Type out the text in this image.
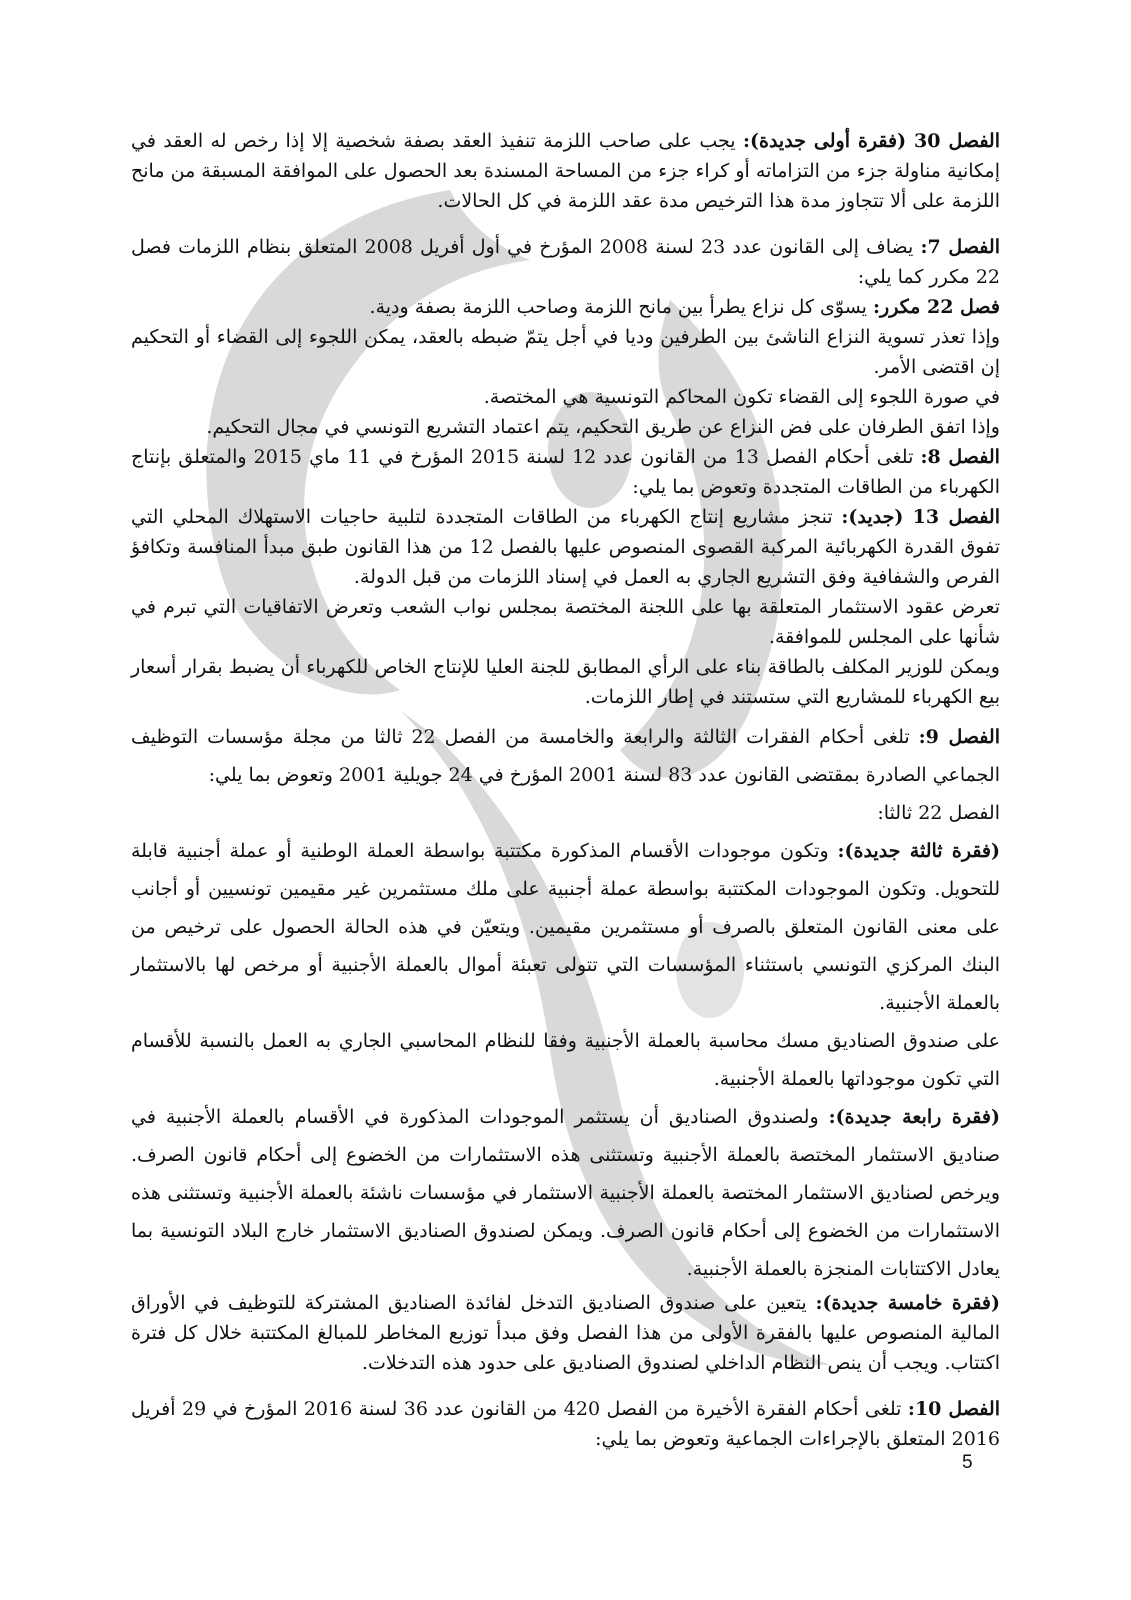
الفصل 30 (فقرة أولى جديدة): يجب على صاحب اللزمة تنفيذ العقد بصفة شخصية إلا إذا رخص له العقد في إمكانية مناولة جزء من التزاماته أو كراء جزء من المساحة المسندة بعد الحصول على الموافقة المسبقة من مانح اللزمة على ألا تتجاوز مدة هذا الترخيص مدة عقد اللزمة في كل الحالات.

الفصل 7: يضاف إلى القانون عدد 23 لسنة 2008 المؤرخ في أول أفريل 2008 المتعلق بنظام اللزمات فصل 22 مكرر كما يلي:

فصل 22 مكرر: يسوّى كل نزاع يطرأ بين مانح اللزمة وصاحب اللزمة بصفة ودية.

وإذا تعذر تسوية النزاع الناشئ بين الطرفين وديا في أجل يتمّ ضبطه بالعقد، يمكن اللجوء إلى القضاء أو التحكيم إن اقتضى الأمر.

في صورة اللجوء إلى القضاء تكون المحاكم التونسية هي المختصة.

وإذا اتفق الطرفان على فض النزاع عن طريق التحكيم، يتم اعتماد التشريع التونسي في مجال التحكيم.

الفصل 8: تلغى أحكام الفصل 13 من القانون عدد 12 لسنة 2015 المؤرخ في 11 ماي 2015 والمتعلق بإنتاج الكهرباء من الطاقات المتجددة وتعوض بما يلي:

الفصل 13 (جديد): تنجز مشاريع إنتاج الكهرباء من الطاقات المتجددة لتلبية حاجيات الاستهلاك المحلي التي تفوق القدرة الكهربائية المركبة القصوى المنصوص عليها بالفصل 12 من هذا القانون طبق مبدأ المنافسة وتكافؤ الفرص والشفافية وفق التشريع الجاري به العمل في إسناد اللزمات من قبل الدولة.

تعرض عقود الاستثمار المتعلقة بها على اللجنة المختصة بمجلس نواب الشعب وتعرض الاتفاقيات التي تبرم في شأنها على المجلس للموافقة.

ويمكن للوزير المكلف بالطاقة بناء على الرأي المطابق للجنة العليا للإنتاج الخاص للكهرباء أن يضبط بقرار أسعار بيع الكهرباء للمشاريع التي ستستند في إطار اللزمات.

الفصل 9: تلغى أحكام الفقرات الثالثة والرابعة والخامسة من الفصل 22 ثالثا من مجلة مؤسسات التوظيف الجماعي الصادرة بمقتضى القانون عدد 83 لسنة 2001 المؤرخ في 24 جويلية 2001 وتعوض بما يلي:

الفصل 22 ثالثا:

(فقرة ثالثة جديدة): وتكون موجودات الأقسام المذكورة مكتتبة بواسطة العملة الوطنية أو عملة أجنبية قابلة للتحويل. وتكون الموجودات المكتتبة بواسطة عملة أجنبية على ملك مستثمرين غير مقيمين تونسيين أو أجانب على معنى القانون المتعلق بالصرف أو مستثمرين مقيمين. ويتعيّن في هذه الحالة الحصول على ترخيص من البنك المركزي التونسي باستثناء المؤسسات التي تتولى تعبئة أموال بالعملة الأجنبية أو مرخص لها بالاستثمار بالعملة الأجنبية.

على صندوق الصناديق مسك محاسبة بالعملة الأجنبية وفقا للنظام المحاسبي الجاري به العمل بالنسبة للأقسام التي تكون موجوداتها بالعملة الأجنبية.

(فقرة رابعة جديدة): ولصندوق الصناديق أن يستثمر الموجودات المذكورة في الأقسام بالعملة الأجنبية في صناديق الاستثمار المختصة بالعملة الأجنبية وتستثنى هذه الاستثمارات من الخضوع إلى أحكام قانون الصرف. ويرخص لصناديق الاستثمار المختصة بالعملة الأجنبية الاستثمار في مؤسسات ناشئة بالعملة الأجنبية وتستثنى هذه الاستثمارات من الخضوع إلى أحكام قانون الصرف. ويمكن لصندوق الصناديق الاستثمار خارج البلاد التونسية بما يعادل الاكتتابات المنجزة بالعملة الأجنبية.

(فقرة خامسة جديدة): يتعين على صندوق الصناديق التدخل لفائدة الصناديق المشتركة للتوظيف في الأوراق المالية المنصوص عليها بالفقرة الأولى من هذا الفصل وفق مبدأ توزيع المخاطر للمبالغ المكتتبة خلال كل فترة اكتتاب. ويجب أن ينص النظام الداخلي لصندوق الصناديق على حدود هذه التدخلات.

الفصل 10: تلغى أحكام الفقرة الأخيرة من الفصل 420 من القانون عدد 36 لسنة 2016 المؤرخ في 29 أفريل 2016 المتعلق بالإجراءات الجماعية وتعوض بما يلي:

5
